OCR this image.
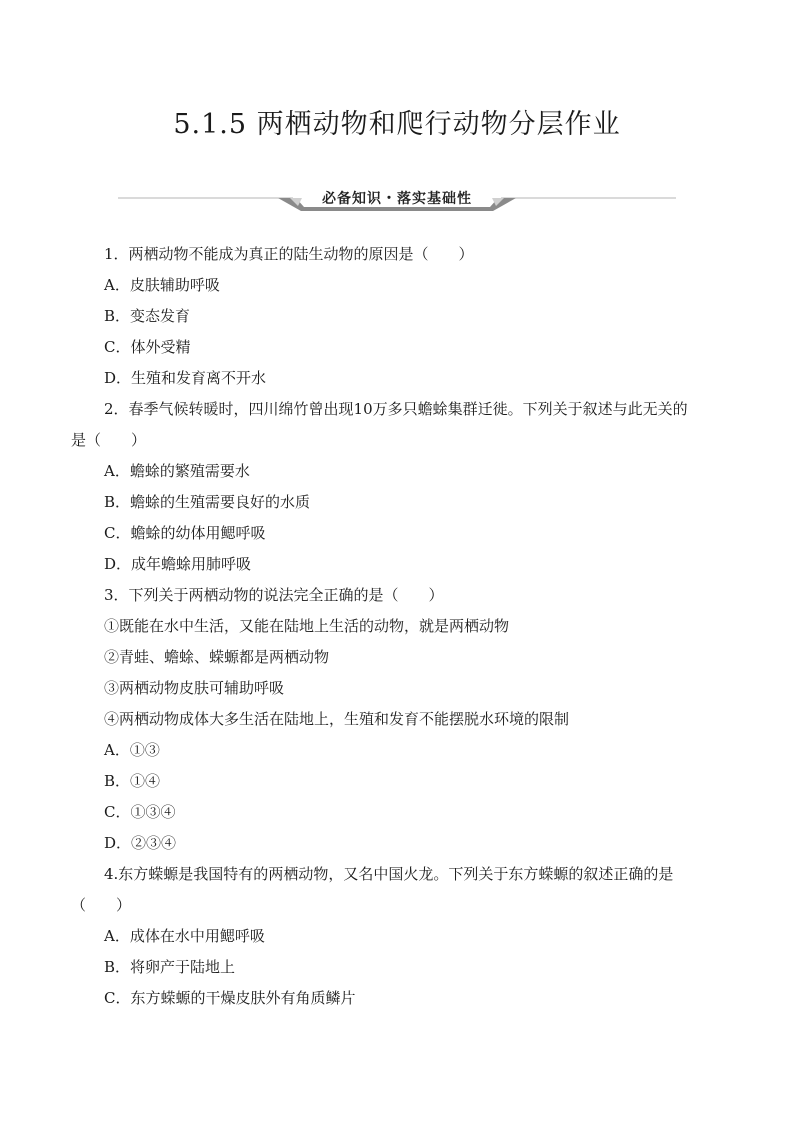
5.1.5 两栖动物和爬行动物分层作业
必备知识・落实基础性
1．两栖动物不能成为真正的陆生动物的原因是（　　）
A．皮肤辅助呼吸
B．变态发育
C．体外受精
D．生殖和发育离不开水
2．春季气候转暖时，四川绵竹曾出现10万多只蟾蜍集群迁徙。下列关于叙述与此无关的
是（　　）
A．蟾蜍的繁殖需要水
B．蟾蜍的生殖需要良好的水质
C．蟾蜍的幼体用鳃呼吸
D．成年蟾蜍用肺呼吸
3．下列关于两栖动物的说法完全正确的是（　　）
①既能在水中生活，又能在陆地上生活的动物，就是两栖动物
②青蛙、蟾蜍、蝾螈都是两栖动物
③两栖动物皮肤可辅助呼吸
④两栖动物成体大多生活在陆地上，生殖和发育不能摆脱水环境的限制
A．①③
B．①④
C．①③④
D．②③④
4.东方蝾螈是我国特有的两栖动物，又名中国火龙。下列关于东方蝾螈的叙述正确的是
（　　）
A．成体在水中用鳃呼吸
B．将卵产于陆地上
C．东方蝾螈的干燥皮肤外有角质鳞片
